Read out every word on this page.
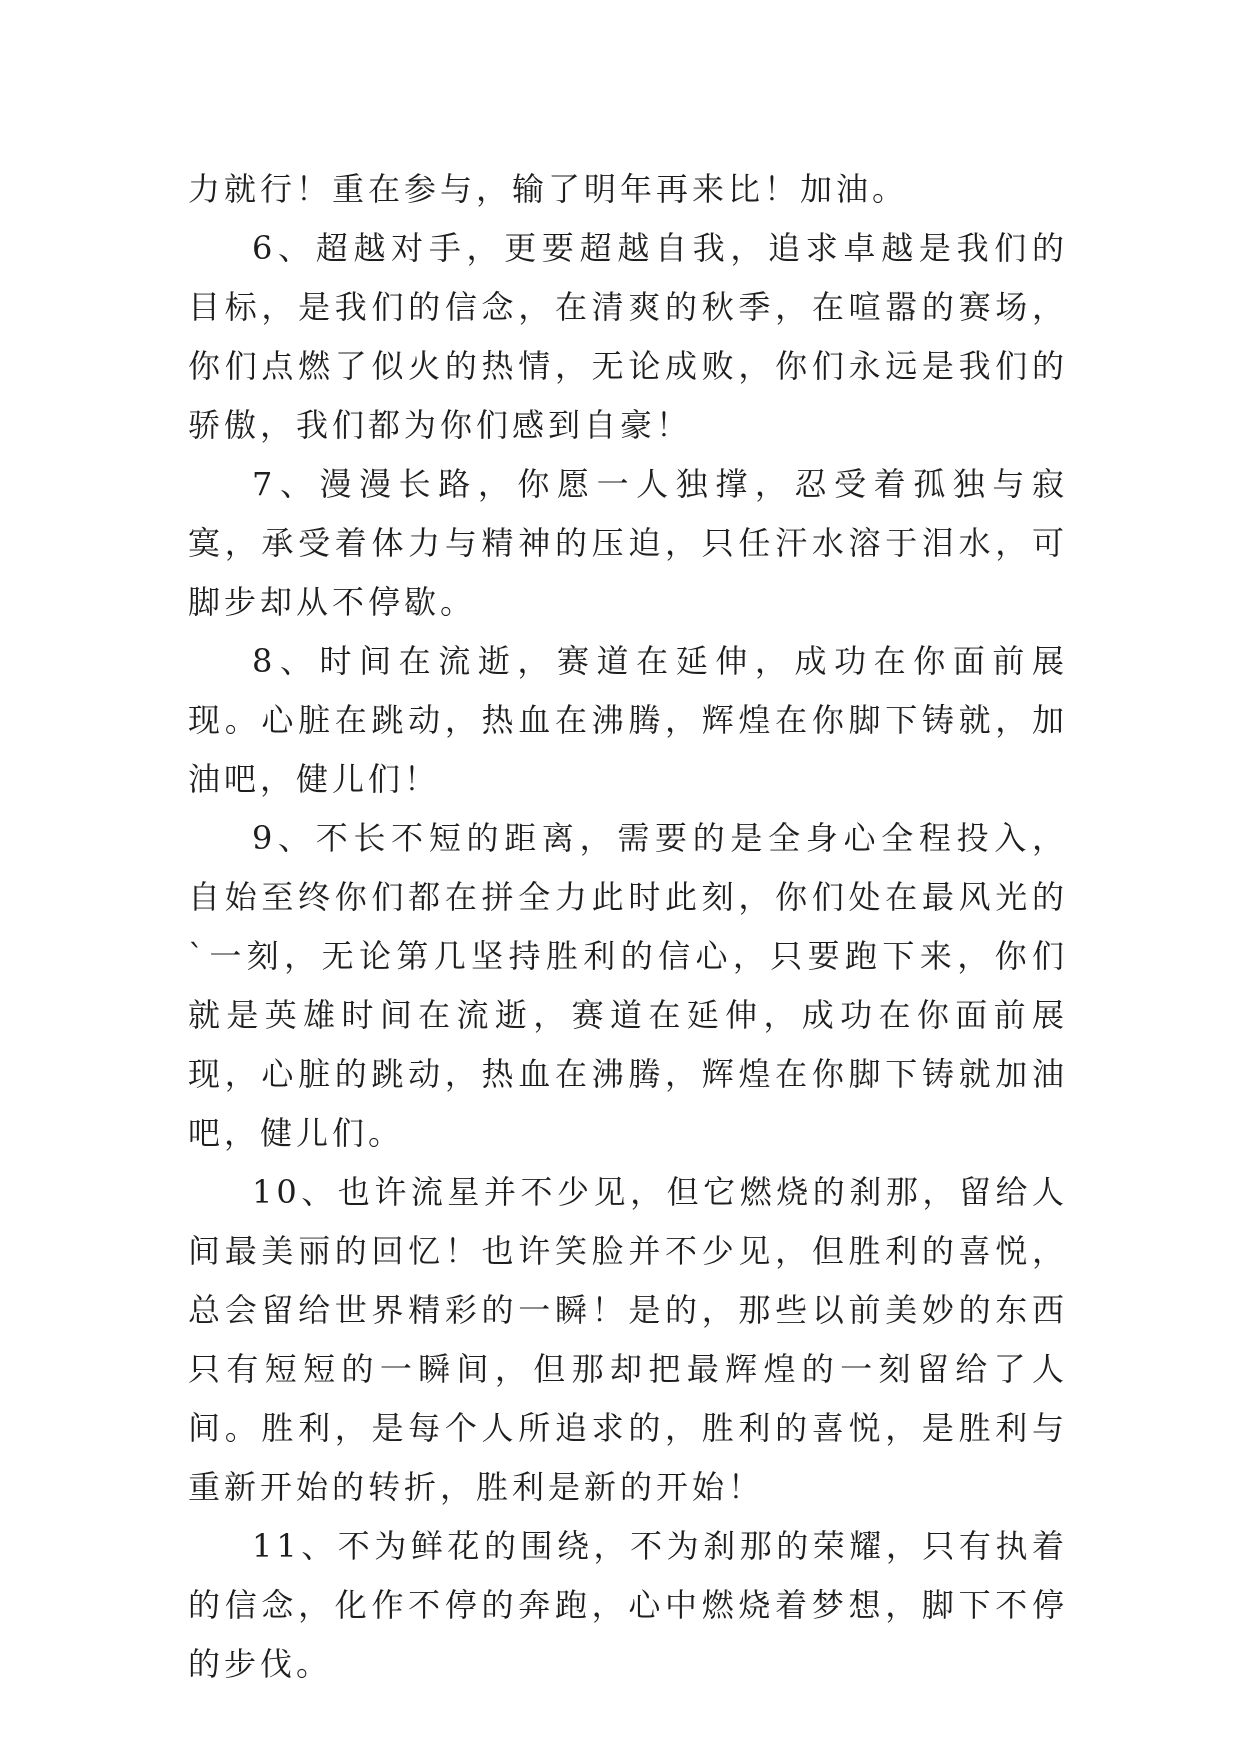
力就行！重在参与，输了明年再来比！加油。

6、超越对手，更要超越自我，追求卓越是我们的目标，是我们的信念，在清爽的秋季，在喧嚣的赛场，你们点燃了似火的热情，无论成败，你们永远是我们的骄傲，我们都为你们感到自豪！

7、漫漫长路，你愿一人独撑，忍受着孤独与寂寞，承受着体力与精神的压迫，只任汗水溶于泪水，可脚步却从不停歇。

8、时间在流逝，赛道在延伸，成功在你面前展现。心脏在跳动，热血在沸腾，辉煌在你脚下铸就，加油吧，健儿们！

9、不长不短的距离，需要的是全身心全程投入，自始至终你们都在拼全力此时此刻，你们处在最风光的`一刻，无论第几坚持胜利的信心，只要跑下来，你们就是英雄时间在流逝，赛道在延伸，成功在你面前展现，心脏的跳动，热血在沸腾，辉煌在你脚下铸就加油吧，健儿们。

10、也许流星并不少见，但它燃烧的刹那，留给人间最美丽的回忆！也许笑脸并不少见，但胜利的喜悦，总会留给世界精彩的一瞬！是的，那些以前美妙的东西只有短短的一瞬间，但那却把最辉煌的一刻留给了人间。胜利，是每个人所追求的，胜利的喜悦，是胜利与重新开始的转折，胜利是新的开始！

11、不为鲜花的围绕，不为刹那的荣耀，只有执着的信念，化作不停的奔跑，心中燃烧着梦想，脚下不停的步伐。
